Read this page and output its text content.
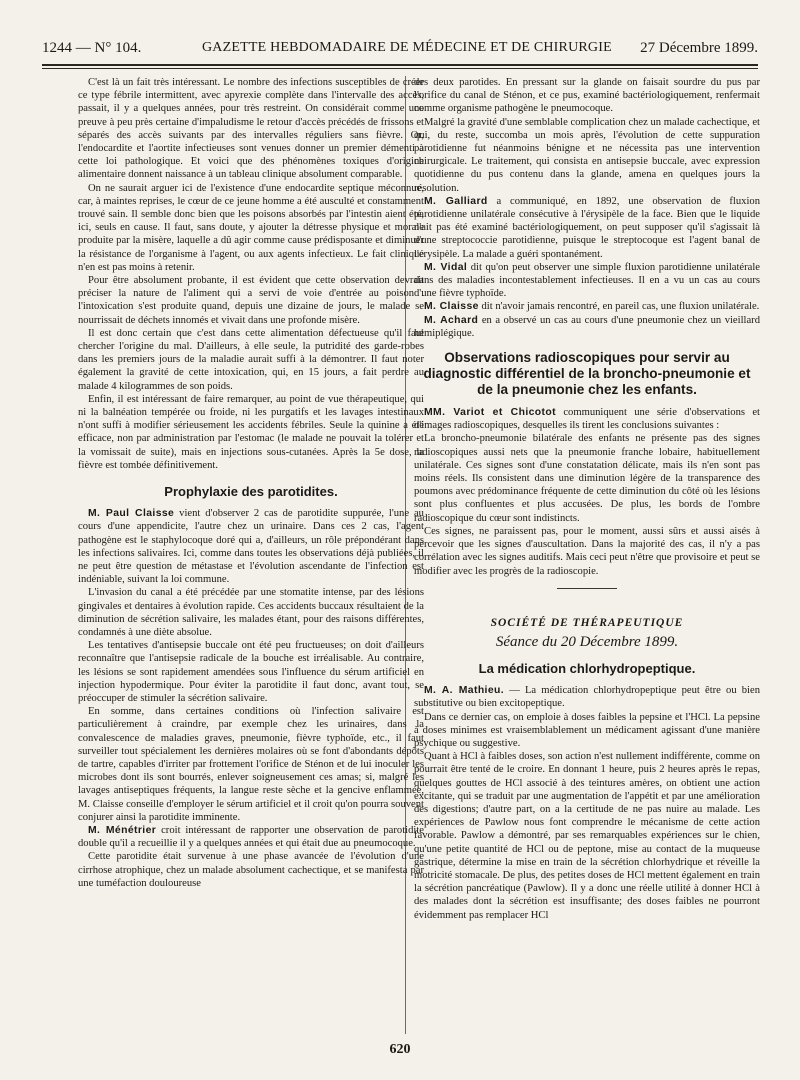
1244 — N° 104.	GAZETTE HEBDOMADAIRE DE MÉDECINE ET DE CHIRURGIE 27 Décembre 1899.

C'est là un fait très intéressant. Le nombre des infections susceptibles de créer ce type fébrile intermittent, avec apyrexie complète dans l'intervalle des accès, passait, il y a quelques années, pour très restreint. On considérait comme une preuve à peu près certaine d'impaludisme le retour d'accès précédés de frissons et séparés des accès suivants par des intervalles réguliers sans fièvre. Or, l'endocardite et l'aortite infectieuses sont venues donner un premier démenti à cette loi pathologique. Et voici que des phénomènes toxiques d'origine alimentaire donnent naissance à un tableau clinique absolument comparable.

On ne saurait arguer ici de l'existence d'une endocardite septique méconnue, car, à maintes reprises, le cœur de ce jeune homme a été ausculté et constamment trouvé sain. Il semble donc bien que les poisons absorbés par l'intestin aient été, ici, seuls en cause. Il faut, sans doute, y ajouter la détresse physique et morale produite par la misère, laquelle a dû agir comme cause prédisposante et diminuer la résistance de l'organisme à l'agent, ou aux agents infectieux. Le fait clinique n'en est pas moins à retenir.

Pour être absolument probante, il est évident que cette observation devrait préciser la nature de l'aliment qui a servi de voie d'entrée au poison : l'intoxication s'est produite quand, depuis une dizaine de jours, le malade se nourrissait de déchets innomés et vivait dans une profonde misère.

Il est donc certain que c'est dans cette alimentation défectueuse qu'il faut chercher l'origine du mal. D'ailleurs, à elle seule, la putridité des garde-robes dans les premiers jours de la maladie aurait suffi à la démontrer. Il faut noter également la gravité de cette intoxication, qui, en 15 jours, a fait perdre au malade 4 kilogrammes de son poids.

Enfin, il est intéressant de faire remarquer, au point de vue thérapeutique, qui ni la balnéation tempérée ou froide, ni les purgatifs et les lavages intestinaux n'ont suffi à modifier sérieusement les accidents fébriles. Seule la quinine a été efficace, non par administration par l'estomac (le malade ne pouvait la tolérer et la vomissait de suite), mais en injections sous-cutanées. Après la 5e dose, la fièvre est tombée définitivement.

Prophylaxie des parotidites.

M. Paul Claisse vient d'observer 2 cas de parotidite suppurée, l'une au cours d'une appendicite, l'autre chez un urinaire. Dans ces 2 cas, l'agent pathogène est le staphylocoque doré qui a, d'ailleurs, un rôle prépondérant dans les infections salivaires. Ici, comme dans toutes les observations déjà publiées, il ne peut être question de métastase et l'évolution ascendante de l'infection est indéniable, suivant la loi commune.

L'invasion du canal a été précédée par une stomatite intense, par des lésions gingivales et dentaires à évolution rapide. Ces accidents buccaux résultaient de la diminution de sécrétion salivaire, les malades étant, pour des raisons différentes, condamnés à une diète absolue.

Les tentatives d'antisepsie buccale ont été peu fructueuses; on doit d'ailleurs reconnaître que l'antisepsie radicale de la bouche est irréalisable. Au contraire, les lésions se sont rapidement amendées sous l'influence du sérum artificiel en injection hypodermique. Pour éviter la parotidite il faut donc, avant tout, se préoccuper de stimuler la sécrétion salivaire.

En somme, dans certaines conditions où l'infection salivaire est particulièrement à craindre, par exemple chez les urinaires, dans la convalescence de maladies graves, pneumonie, fièvre typhoïde, etc., il faut surveiller tout spécialement les dernières molaires où se font d'abondants dépôts de tartre, capables d'irriter par frottement l'orifice de Sténon et de lui inoculer les microbes dont ils sont bourrés, enlever soigneusement ces amas; si, malgré les lavages antiseptiques fréquents, la langue reste sèche et la gencive enflammée, M. Claisse conseille d'employer le sérum artificiel et il croit qu'on pourra souvent conjurer ainsi la parotidite imminente.

M. Ménétrier croit intéressant de rapporter une observation de parotidite double qu'il a recueillie il y a quelques années et qui était due au pneumocoque.

Cette parotidite était survenue à une phase avancée de l'évolution d'une cirrhose atrophique, chez un malade absolument cachectique, et se manifesta par une tuméfaction douloureuse

des deux parotides. En pressant sur la glande on faisait sourdre du pus par l'orifice du canal de Sténon, et ce pus, examiné bactériologiquement, renfermait comme organisme pathogène le pneumocoque.

Malgré la gravité d'une semblable complication chez un malade cachectique, et qui, du reste, succomba un mois après, l'évolution de cette suppuration parotidienne fut néanmoins bénigne et ne nécessita pas une intervention chirurgicale. Le traitement, qui consista en antisepsie buccale, avec expression quotidienne du pus contenu dans la glande, amena en quelques jours la résolution.

M. Galliard a communiqué, en 1892, une observation de fluxion parotidienne unilatérale consécutive à l'érysipèle de la face. Bien que le liquide n'ait pas été examiné bactériologiquement, on peut supposer qu'il s'agissait là d'une streptococcie parotidienne, puisque le streptocoque est l'agent banal de l'érysipèle. La malade a guéri spontanément.

M. Vidal dit qu'on peut observer une simple fluxion parotidienne unilatérale dans des maladies incontestablement infectieuses. Il en a vu un cas au cours d'une fièvre typhoïde.

M. Claisse dit n'avoir jamais rencontré, en pareil cas, une fluxion unilatérale.

M. Achard en a observé un cas au cours d'une pneumonie chez un vieillard hémiplégique.

Observations radioscopiques pour servir au diagnostic différentiel de la broncho-pneumonie et de la pneumonie chez les enfants.

MM. Variot et Chicotot communiquent une série d'observations et d'images radioscopiques, desquelles ils tirent les conclusions suivantes :

La broncho-pneumonie bilatérale des enfants ne présente pas des signes radioscopiques aussi nets que la pneumonie franche lobaire, habituellement unilatérale. Ces signes sont d'une constatation délicate, mais ils n'en sont pas moins réels. Ils consistent dans une diminution légère de la transparence des poumons avec prédominance fréquente de cette diminution du côté où les lésions sont plus confluentes et plus accusées. De plus, les bords de l'ombre radioscopique du cœur sont indistincts.

Ces signes, ne paraissent pas, pour le moment, aussi sûrs et aussi aisés à percevoir que les signes d'auscultation. Dans la majorité des cas, il n'y a pas corrélation avec les signes auditifs. Mais ceci peut n'être que provisoire et peut se modifier avec les progrès de la radioscopie.

SOCIÉTÉ DE THÉRAPEUTIQUE
Séance du 20 Décembre 1899.
La médication chlorhydropeptique.

M. A. Mathieu. — La médication chlorhydropeptique peut être ou bien substitutive ou bien excitopeptique.

Dans ce dernier cas, on emploie à doses faibles la pepsine et l'HCl. La pepsine à doses minimes est vraisemblablement un médicament agissant d'une manière psychique ou suggestive.

Quant à HCl à faibles doses, son action n'est nullement indifférente, comme on pourrait être tenté de le croire. En donnant 1 heure, puis 2 heures après le repas, quelques gouttes de HCl associé à des teintures amères, on obtient une action excitante, qui se traduit par une augmentation de l'appétit et par une amélioration des digestions; d'autre part, on a la certitude de ne pas nuire au malade. Les expériences de Pawlow nous font comprendre le mécanisme de cette action favorable. Pawlow a démontré, par ses remarquables expériences sur le chien, qu'une petite quantité de HCl ou de peptone, mise au contact de la muqueuse gastrique, détermine la mise en train de la sécrétion chlorhydrique et réveille la motricité stomacale. De plus, des petites doses de HCl mettent également en train la sécrétion pancréatique (Pawlow). Il y a donc une réelle utilité à donner HCl à des malades dont la sécrétion est insuffisante; des doses faibles ne pourront évidemment pas remplacer HCl

620
